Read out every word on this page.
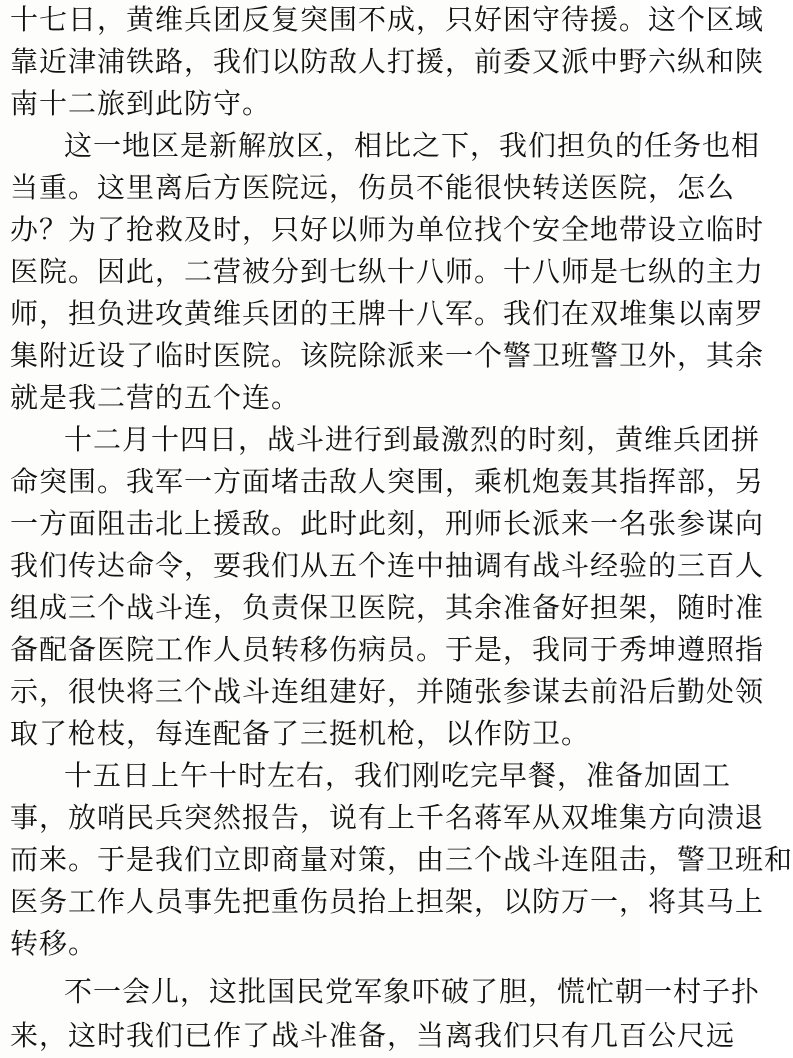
十七日，黄维兵团反复突围不成，只好困守待援。这个区域
靠近津浦铁路，我们以防敌人打援，前委又派中野六纵和陕
南十二旅到此防守。
这一地区是新解放区，相比之下，我们担负的任务也相
当重。这里离后方医院远，伤员不能很快转送医院，怎么
办？为了抢救及时，只好以师为单位找个安全地带设立临时
医院。因此，二营被分到七纵十八师。十八师是七纵的主力
师，担负进攻黄维兵团的王牌十八军。我们在双堆集以南罗
集附近设了临时医院。该院除派来一个警卫班警卫外，其余
就是我二营的五个连。
十二月十四日，战斗进行到最激烈的时刻，黄维兵团拼
命突围。我军一方面堵击敌人突围，乘机炮轰其指挥部，另
一方面阻击北上援敌。此时此刻，刑师长派来一名张参谋向
我们传达命令，要我们从五个连中抽调有战斗经验的三百人
组成三个战斗连，负责保卫医院，其余准备好担架，随时准
备配备医院工作人员转移伤病员。于是，我同于秀坤遵照指
示，很快将三个战斗连组建好，并随张参谋去前沿后勤处领
取了枪枝，每连配备了三挺机枪，以作防卫。
十五日上午十时左右，我们刚吃完早餐，准备加固工
事，放哨民兵突然报告，说有上千名蒋军从双堆集方向溃退
而来。于是我们立即商量对策，由三个战斗连阻击，警卫班和
医务工作人员事先把重伤员抬上担架，以防万一，将其马上
转移。
不一会儿，这批国民党军象吓破了胆，慌忙朝一村子扑
来，这时我们已作了战斗准备，当离我们只有几百公尺远
